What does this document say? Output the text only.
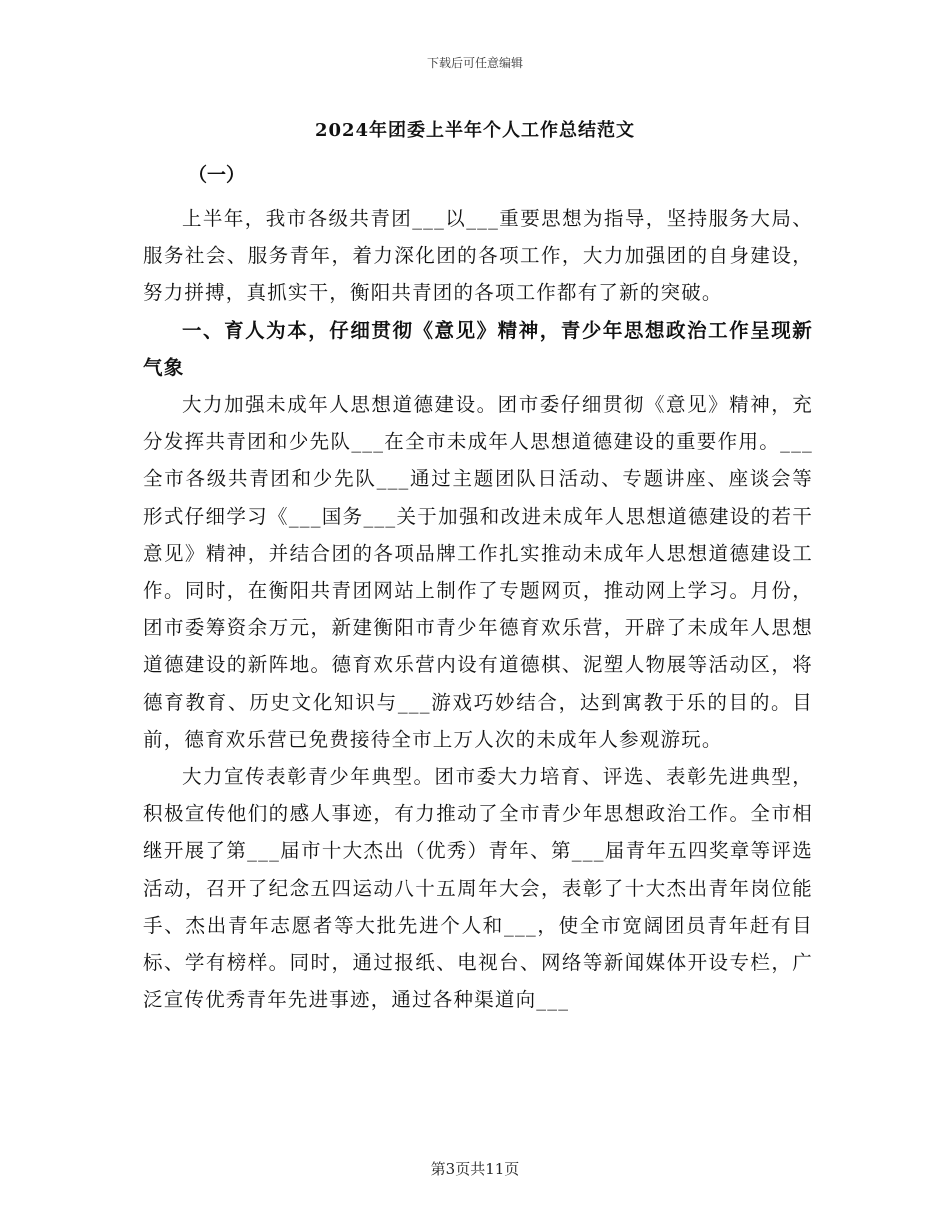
下载后可任意编辑
2024年团委上半年个人工作总结范文
（一）

上半年，我市各级共青团___以___重要思想为指导，坚持服务大局、服务社会、服务青年，着力深化团的各项工作，大力加强团的自身建设，努力拼搏，真抓实干，衡阳共青团的各项工作都有了新的突破。

一、育人为本，仔细贯彻《意见》精神，青少年思想政治工作呈现新气象

大力加强未成年人思想道德建设。团市委仔细贯彻《意见》精神，充分发挥共青团和少先队___在全市未成年人思想道德建设的重要作用。___全市各级共青团和少先队___通过主题团队日活动、专题讲座、座谈会等形式仔细学习《___国务___关于加强和改进未成年人思想道德建设的若干意见》精神，并结合团的各项品牌工作扎实推动未成年人思想道德建设工作。同时，在衡阳共青团网站上制作了专题网页，推动网上学习。月份，团市委筹资余万元，新建衡阳市青少年德育欢乐营，开辟了未成年人思想道德建设的新阵地。德育欢乐营内设有道德棋、泥塑人物展等活动区，将德育教育、历史文化知识与___游戏巧妙结合，达到寓教于乐的目的。目前，德育欢乐营已免费接待全市上万人次的未成年人参观游玩。

大力宣传表彰青少年典型。团市委大力培育、评选、表彰先进典型，积极宣传他们的感人事迹，有力推动了全市青少年思想政治工作。全市相继开展了第___届市十大杰出（优秀）青年、第___届青年五四奖章等评选活动，召开了纪念五四运动八十五周年大会，表彰了十大杰出青年岗位能手、杰出青年志愿者等大批先进个人和___，使全市宽阔团员青年赶有目标、学有榜样。同时，通过报纸、电视台、网络等新闻媒体开设专栏，广泛宣传优秀青年先进事迹，通过各种渠道向___

第3页共11页
